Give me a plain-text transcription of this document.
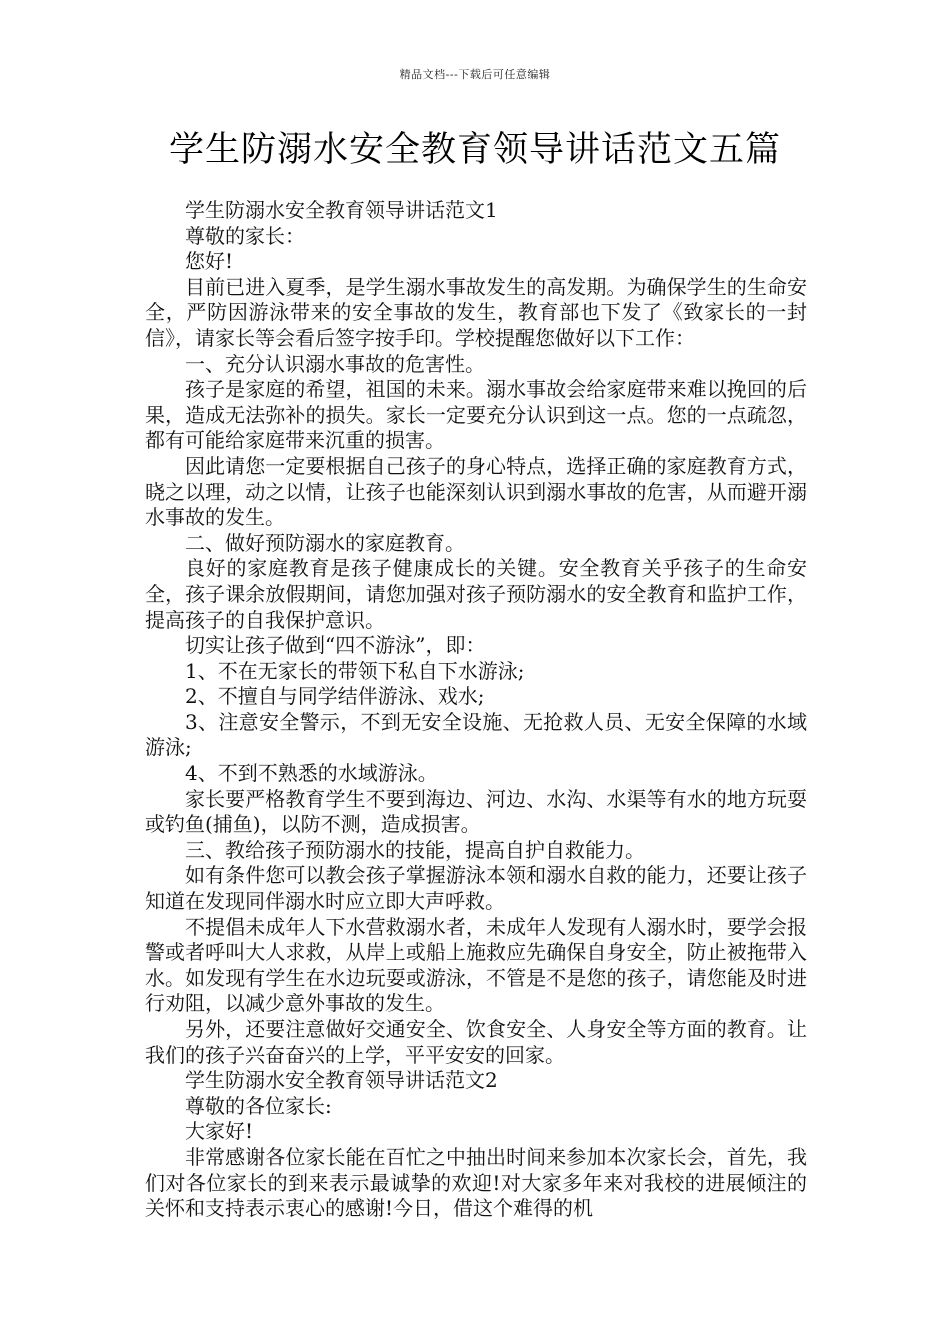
精品文档---下载后可任意编辑
学生防溺水安全教育领导讲话范文五篇

学生防溺水安全教育领导讲话范文1

尊敬的家长：

您好!

目前已进入夏季，是学生溺水事故发生的高发期。为确保学生的生命安全，严防因游泳带来的安全事故的发生，教育部也下发了《致家长的一封信》，请家长等会看后签字按手印。学校提醒您做好以下工作：

一、充分认识溺水事故的危害性。

孩子是家庭的希望，祖国的未来。溺水事故会给家庭带来难以挽回的后果，造成无法弥补的损失。家长一定要充分认识到这一点。您的一点疏忽，都有可能给家庭带来沉重的损害。

因此请您一定要根据自己孩子的身心特点，选择正确的家庭教育方式，晓之以理，动之以情，让孩子也能深刻认识到溺水事故的危害，从而避开溺水事故的发生。

二、做好预防溺水的家庭教育。

良好的家庭教育是孩子健康成长的关键。安全教育关乎孩子的生命安全，孩子课余放假期间，请您加强对孩子预防溺水的安全教育和监护工作，提高孩子的自我保护意识。

切实让孩子做到“四不游泳”，即：

1、不在无家长的带领下私自下水游泳;

2、不擅自与同学结伴游泳、戏水;

3、注意安全警示，不到无安全设施、无抢救人员、无安全保障的水域游泳;

4、不到不熟悉的水域游泳。

家长要严格教育学生不要到海边、河边、水沟、水渠等有水的地方玩耍或钓鱼(捕鱼)，以防不测，造成损害。

三、教给孩子预防溺水的技能，提高自护自救能力。

如有条件您可以教会孩子掌握游泳本领和溺水自救的能力，还要让孩子知道在发现同伴溺水时应立即大声呼救。

不提倡未成年人下水营救溺水者，未成年人发现有人溺水时，要学会报警或者呼叫大人求救，从岸上或船上施救应先确保自身安全，防止被拖带入水。如发现有学生在水边玩耍或游泳，不管是不是您的孩子，请您能及时进行劝阻，以减少意外事故的发生。

另外，还要注意做好交通安全、饮食安全、人身安全等方面的教育。让我们的孩子兴奋奋兴的上学，平平安安的回家。

学生防溺水安全教育领导讲话范文2

尊敬的各位家长:

大家好!

非常感谢各位家长能在百忙之中抽出时间来参加本次家长会，首先，我们对各位家长的到来表示最诚挚的欢迎!对大家多年来对我校的进展倾注的关怀和支持表示衷心的感谢!今日，借这个难得的机
